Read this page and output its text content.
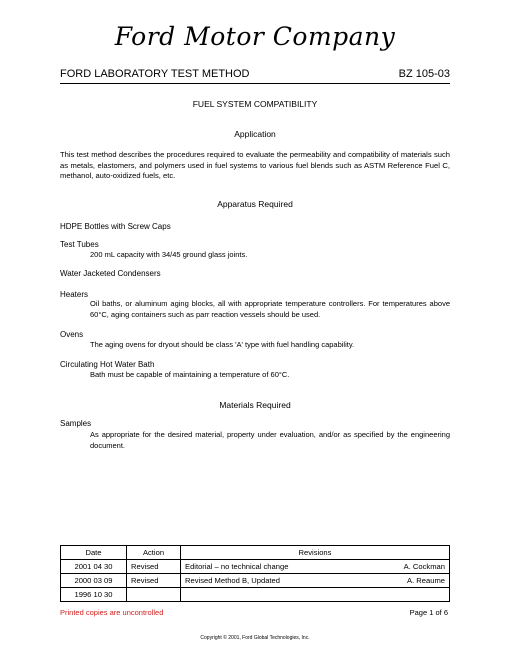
Ford Motor Company
FORD LABORATORY TEST METHOD	BZ 105-03
FUEL SYSTEM COMPATIBILITY
Application
This test method describes the procedures required to evaluate the permeability and compatibility of materials such as metals, elastomers, and polymers used in fuel systems to various fuel blends such as ASTM Reference Fuel C, methanol, auto-oxidized fuels, etc.
Apparatus Required
HDPE Bottles with Screw Caps
Test Tubes
200 mL capacity with 34/45 ground glass joints.
Water Jacketed Condensers
Heaters
Oil baths, or aluminum aging blocks, all with appropriate temperature controllers. For temperatures above 60°C, aging containers such as parr reaction vessels should be used.
Ovens
The aging ovens for dryout should be class 'A' type with fuel handling capability.
Circulating Hot Water Bath
Bath must be capable of maintaining a temperature of 60°C.
Materials Required
Samples
As appropriate for the desired material, property under evaluation, and/or as specified by the engineering document.
Date	Action	Revisions
2001 04 30	Revised	Editorial – no technical change A. Cockman

2000 03 09	Revised	Revised Method B, Updated A. Reaume

1996 10 30		
Printed copies are uncontrolled	Page 1 of 6
Copyright © 2001, Ford Global Technologies, Inc.
